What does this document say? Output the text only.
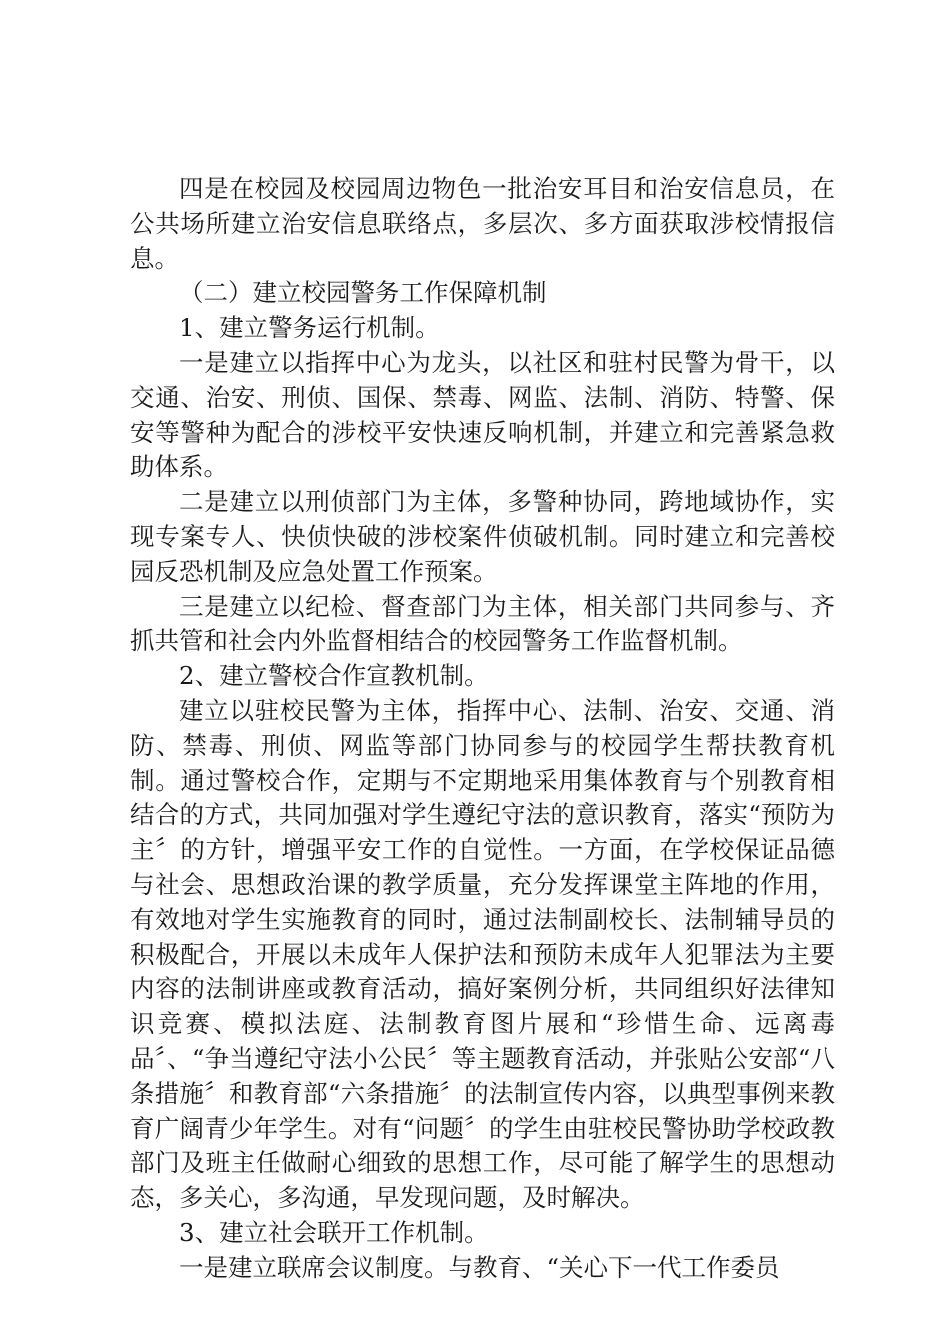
四是在校园及校园周边物色一批治安耳目和治安信息员，在公共场所建立治安信息联络点，多层次、多方面获取涉校情报信息。

（二）建立校园警务工作保障机制

1、建立警务运行机制。

一是建立以指挥中心为龙头，以社区和驻村民警为骨干，以交通、治安、刑侦、国保、禁毒、网监、法制、消防、特警、保安等警种为配合的涉校平安快速反响机制，并建立和完善紧急救助体系。

二是建立以刑侦部门为主体，多警种协同，跨地域协作，实现专案专人、快侦快破的涉校案件侦破机制。同时建立和完善校园反恐机制及应急处置工作预案。

三是建立以纪检、督查部门为主体，相关部门共同参与、齐抓共管和社会内外监督相结合的校园警务工作监督机制。

2、建立警校合作宣教机制。

建立以驻校民警为主体，指挥中心、法制、治安、交通、消防、禁毒、刑侦、网监等部门协同参与的校园学生帮扶教育机制。通过警校合作，定期与不定期地采用集体教育与个别教育相结合的方式，共同加强对学生遵纪守法的意识教育，落实“预防为主〞的方针，增强平安工作的自觉性。一方面，在学校保证品德与社会、思想政治课的教学质量，充分发挥课堂主阵地的作用，有效地对学生实施教育的同时，通过法制副校长、法制辅导员的积极配合，开展以未成年人保护法和预防未成年人犯罪法为主要内容的法制讲座或教育活动，搞好案例分析，共同组织好法律知识竞赛、模拟法庭、法制教育图片展和“珍惜生命、远离毒品〞、“争当遵纪守法小公民〞等主题教育活动，并张贴公安部“八条措施〞和教育部“六条措施〞的法制宣传内容，以典型事例来教育广阔青少年学生。对有“问题〞的学生由驻校民警协助学校政教部门及班主任做耐心细致的思想工作，尽可能了解学生的思想动态，多关心，多沟通，早发现问题，及时解决。

3、建立社会联开工作机制。

一是建立联席会议制度。与教育、“关心下一代工作委员
